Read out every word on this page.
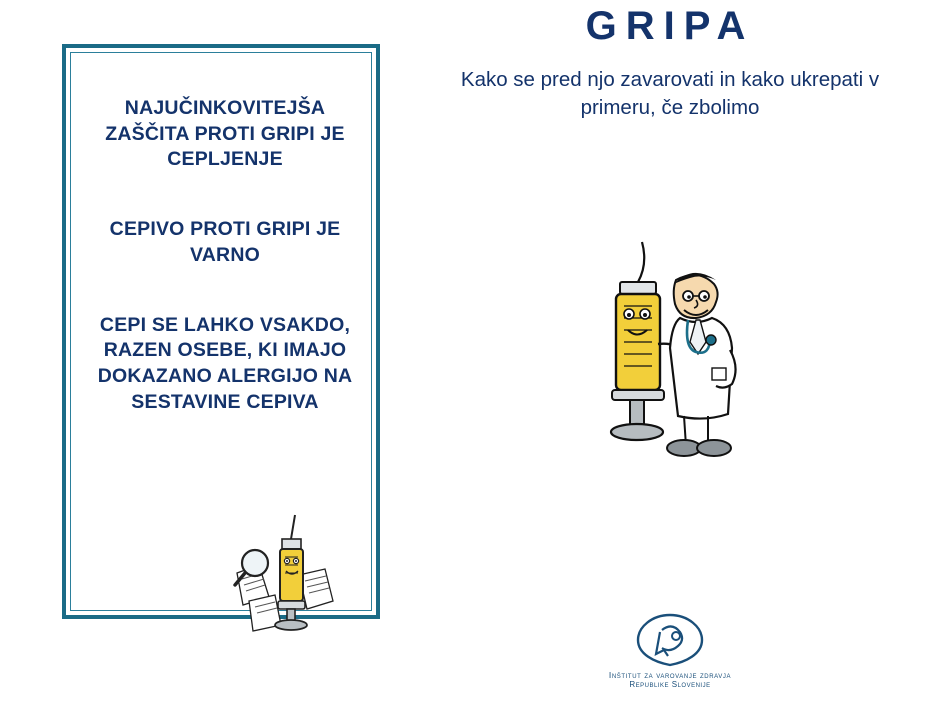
GRIPA
Kako se pred njo zavarovati in kako ukrepati v primeru, če zbolimo
NAJUČINKOVITEJŠA ZAŠČITA PROTI GRIPI JE CEPLJENJE
CEPIVO PROTI GRIPI JE VARNO
CEPI SE LAHKO VSAKDO, RAZEN OSEBE, KI IMAJO DOKAZANO ALERGIJO NA SESTAVINE CEPIVA
Inštitut za varovanje zdravja
Republike Slovenije
